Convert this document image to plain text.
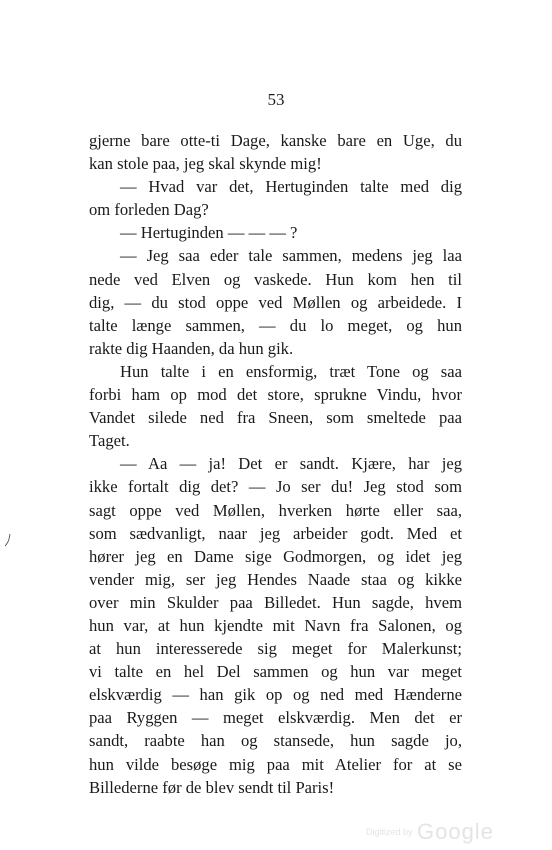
53
gjerne bare otte-ti Dage, kanske bare en Uge, du
kan stole paa, jeg skal skynde mig!
— Hvad var det, Hertuginden talte med dig
om forleden Dag?
— Hertuginden — — — ?
— Jeg saa eder tale sammen, medens jeg laa
nede ved Elven og vaskede. Hun kom hen til
dig, — du stod oppe ved Møllen og arbeidede. I
talte længe sammen, — du lo meget, og hun
rakte dig Haanden, da hun gik.
Hun talte i en ensformig, træt Tone og saa
forbi ham op mod det store, sprukne Vindu, hvor
Vandet silede ned fra Sneen, som smeltede paa
Taget.
— Aa — ja! Det er sandt. Kjære, har jeg
ikke fortalt dig det? — Jo ser du! Jeg stod som
sagt oppe ved Møllen, hverken hørte eller saa,
som sædvanligt, naar jeg arbeider godt. Med et
hører jeg en Dame sige Godmorgen, og idet jeg
vender mig, ser jeg Hendes Naade staa og kikke
over min Skulder paa Billedet. Hun sagde, hvem
hun var, at hun kjendte mit Navn fra Salonen, og
at hun interesserede sig meget for Malerkunst;
vi talte en hel Del sammen og hun var meget
elskværdig — han gik op og ned med Hænderne
paa Ryggen — meget elskværdig. Men det er
sandt, raabte han og stansede, hun sagde jo,
hun vilde besøge mig paa mit Atelier for at se
Billederne før de blev sendt til Paris!
Digitized by Google
